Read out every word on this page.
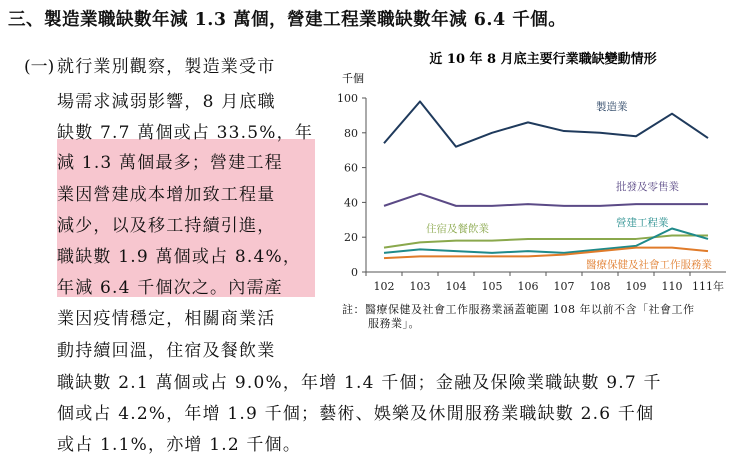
三、製造業職缺數年減 1.3 萬個，營建工程業職缺數年減 6.4 千個。
(一) 就行業別觀察，製造業受市
場需求減弱影響，8 月底職
缺數 7.7 萬個或占 33.5%，年
減 1.3 萬個最多；營建工程
業因營建成本增加致工程量
減少，以及移工持續引進，
職缺數 1.9 萬個或占 8.4%，
年減 6.4 千個次之。內需產
業因疫情穩定，相關商業活
動持續回溫，住宿及餐飲業
職缺數 2.1 萬個或占 9.0%，年增 1.4 千個；金融及保險業職缺數 9.7 千
個或占 4.2%，年增 1.9 千個；藝術、娛樂及休閒服務業職缺數 2.6 千個
或占 1.1%，亦增 1.2 千個。
近 10 年 8 月底主要行業職缺變動情形
千個
0
20
40
60
80
100
102 103 104 105 106 107 108 109 110 111年
製造業
批發及零售業
住宿及餐飲業	營建工程業
醫療保健及社會工作服務業
註：醫療保健及社會工作服務業涵蓋範圍 108 年以前不含「社會工作
服務業」。
